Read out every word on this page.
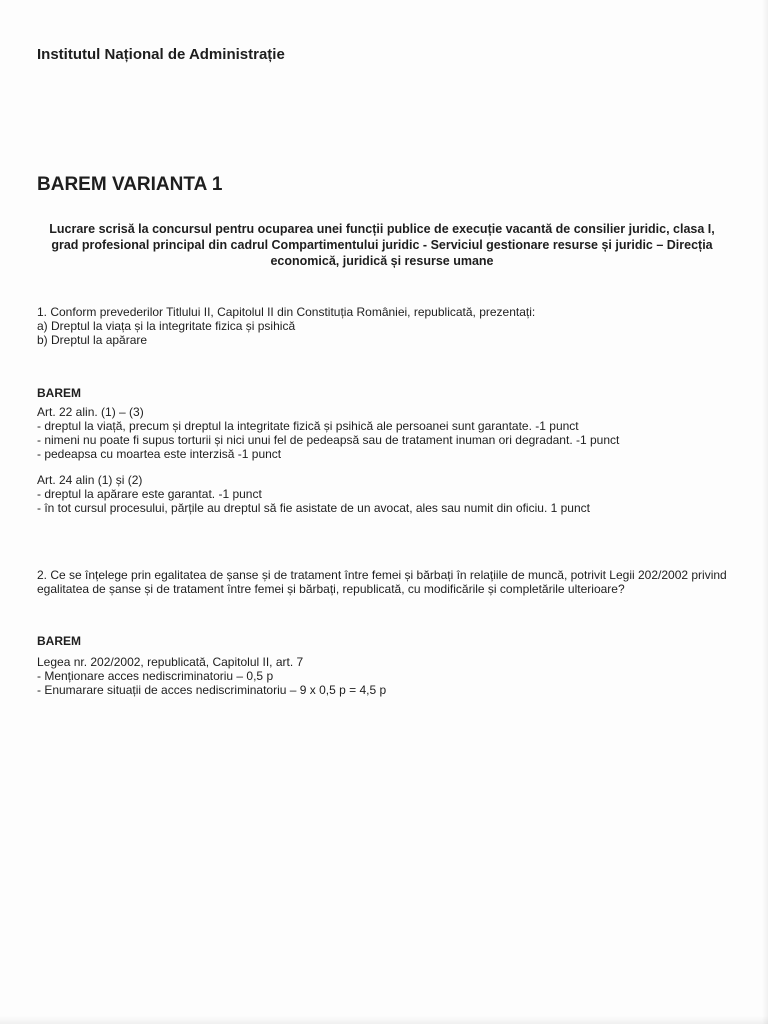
Institutul Național de Administrație

BAREM VARIANTA 1

Lucrare scrisă la concursul pentru ocuparea unei funcții publice de execuție vacantă de consilier juridic, clasa I, grad profesional principal din cadrul Compartimentului juridic - Serviciul gestionare resurse și juridic – Direcția economică, juridică și resurse umane

1. Conform prevederilor Titlului II, Capitolul II din Constituția României, republicată, prezentați:
a) Dreptul la viața și la integritate fizica și psihică
b) Dreptul la apărare

BAREM

Art. 22 alin. (1) – (3)
- dreptul la viață, precum și dreptul la integritate fizică și psihică ale persoanei sunt garantate. -1 punct
- nimeni nu poate fi supus torturii și nici unui fel de pedeapsă sau de tratament inuman ori degradant. -1 punct
- pedeapsa cu moartea este interzisă -1 punct
Art. 24 alin (1) și (2)
- dreptul la apărare este garantat. -1 punct
- în tot cursul procesului, părțile au dreptul să fie asistate de un avocat, ales sau numit din oficiu. 1 punct
2. Ce se înțelege prin egalitatea de șanse și de tratament între femei și bărbați în relațiile de muncă, potrivit Legii 202/2002 privind egalitatea de șanse și de tratament între femei și bărbați, republicată, cu modificările și completările ulterioare?

BAREM

Legea nr. 202/2002, republicată, Capitolul II, art. 7
- Menționare acces nediscriminatoriu – 0,5 p
- Enumarare situații de acces nediscriminatoriu – 9 x 0,5 p = 4,5 p
